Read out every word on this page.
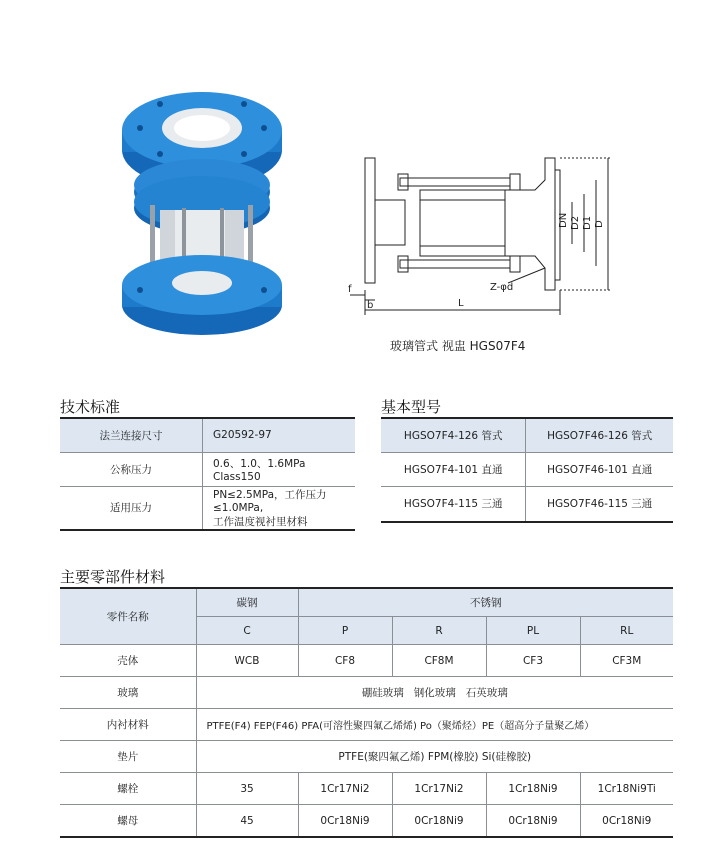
DN D2 D1 D
L
f
b
Z-φd
玻璃管式 视盅 HGS07F4
技术标准
法兰连接尺寸	G20592-97
公称压力	0.6、1.0、1.6MPa
Class150

适用压力	PN≤2.5MPa，工作压力≤1.0MPa,
工作温度视衬里材料
基本型号
HGSO7F4-126 管式	HGSO7F46-126 管式
HGSO7F4-101 直通	HGSO7F46-101 直通
HGSO7F4-115 三通	HGSO7F46-115 三通
主要零部件材料
零件名称	碳钢	不锈钢			
	C	P	R	PL	RL
壳体	WCB	CF8	CF8M	CF3	CF3M
玻璃	硼硅玻璃   钢化玻璃   石英玻璃				
内衬材料	PTFE(F4) FEP(F46) PFA(可溶性聚四氟乙烯烯) Po（聚烯烃）PE（超高分子量聚乙烯）				
垫片	PTFE(聚四氟乙烯) FPM(橡胶) Si(硅橡胶)				
螺栓	35	1Cr17Ni2	1Cr17Ni2	1Cr18Ni9	1Cr18Ni9Ti
螺母	45	0Cr18Ni9	0Cr18Ni9	0Cr18Ni9	0Cr18Ni9
